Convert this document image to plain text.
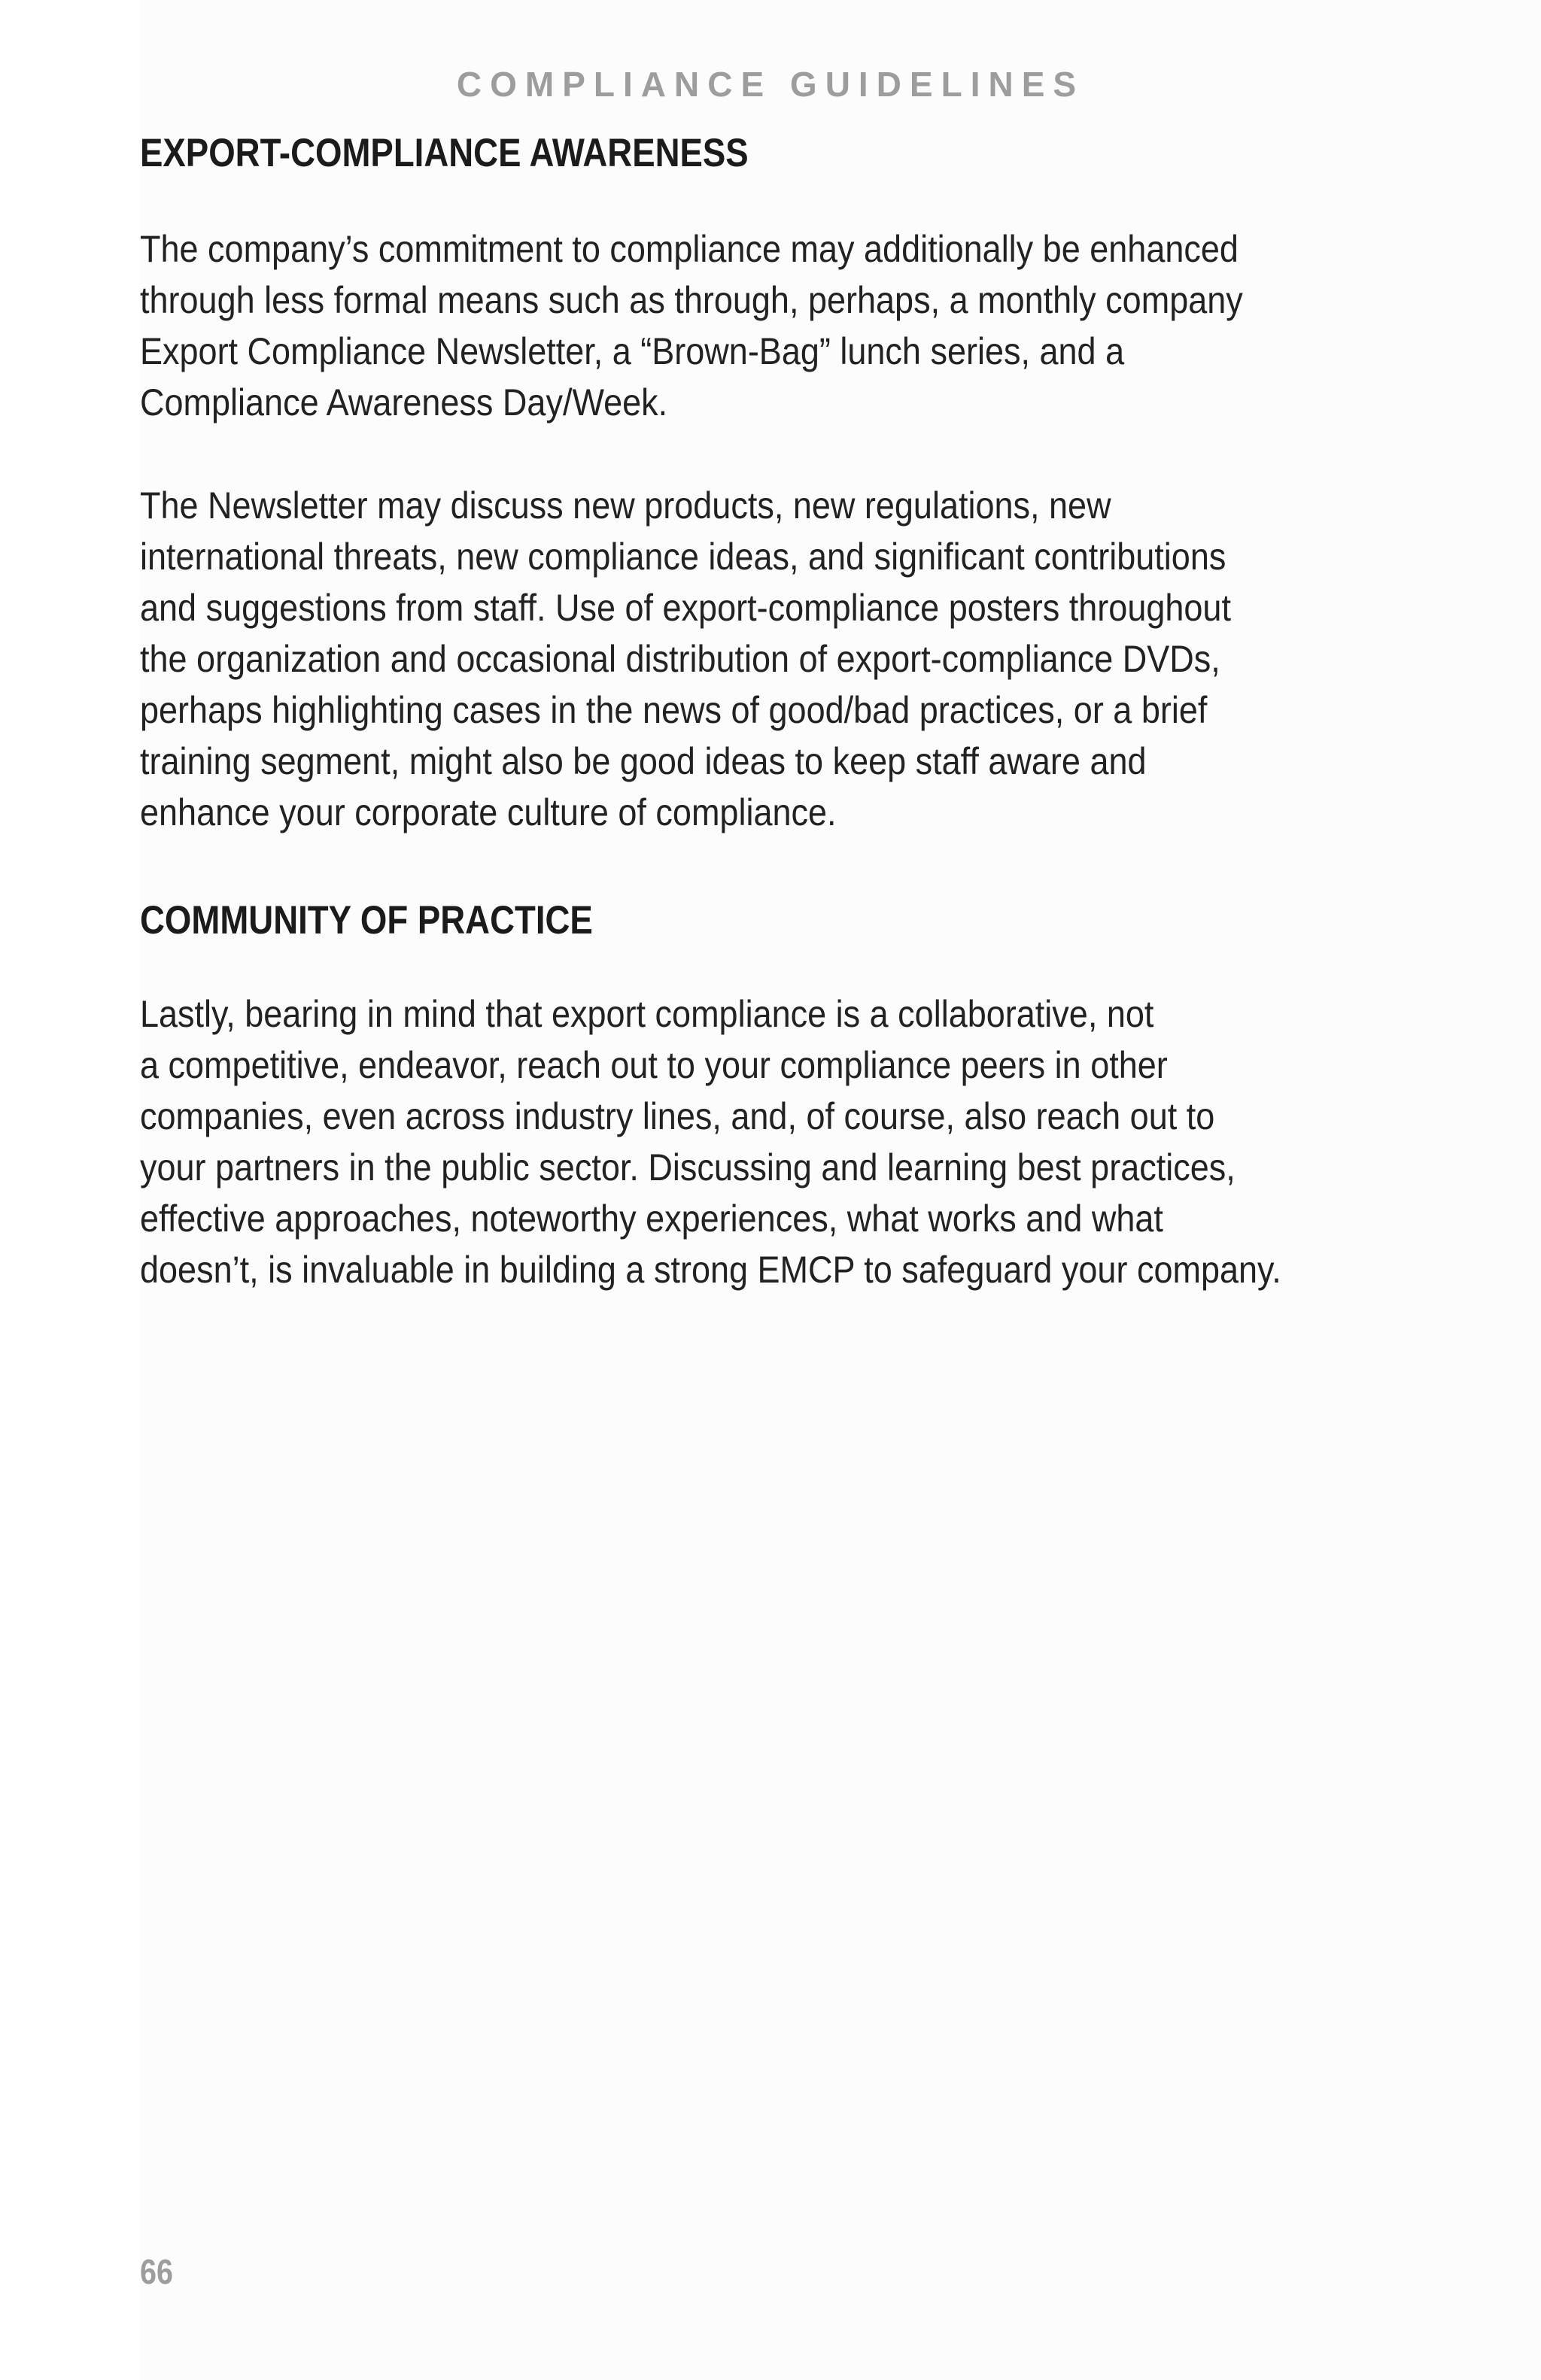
COMPLIANCE GUIDELINES
EXPORT-COMPLIANCE AWARENESS

The company’s commitment to compliance may additionally be enhanced
through less formal means such as through, perhaps, a monthly company
Export Compliance Newsletter, a “Brown-Bag” lunch series, and a
Compliance Awareness Day/Week.

The Newsletter may discuss new products, new regulations, new
international threats, new compliance ideas, and significant contributions
and suggestions from staff. Use of export-compliance posters throughout
the organization and occasional distribution of export-compliance DVDs,
perhaps highlighting cases in the news of good/bad practices, or a brief
training segment, might also be good ideas to keep staff aware and
enhance your corporate culture of compliance.

COMMUNITY OF PRACTICE

Lastly, bearing in mind that export compliance is a collaborative, not
a competitive, endeavor, reach out to your compliance peers in other
companies, even across industry lines, and, of course, also reach out to
your partners in the public sector. Discussing and learning best practices,
effective approaches, noteworthy experiences, what works and what
doesn’t, is invaluable in building a strong EMCP to safeguard your company.

66
